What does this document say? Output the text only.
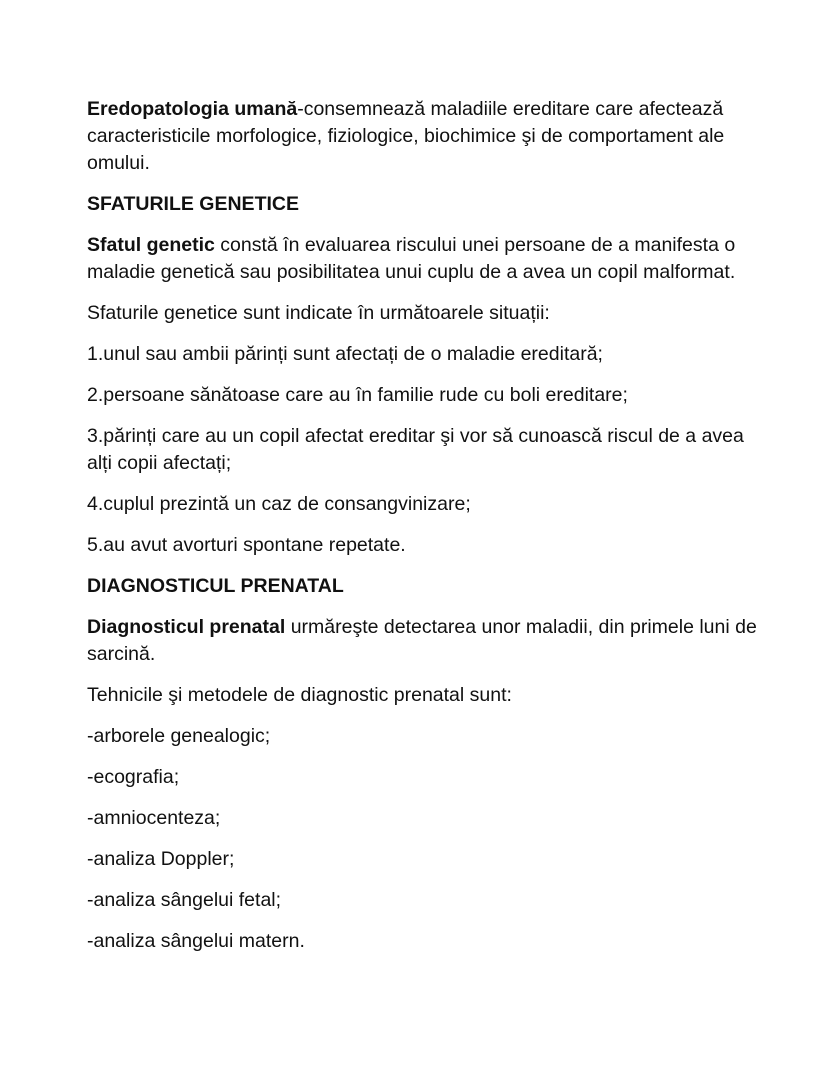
Eredopatologia umană-consemnează maladiile ereditare care afectează caracteristicile morfologice, fiziologice, biochimice şi de comportament ale omului.

SFATURILE GENETICE

Sfatul genetic constă în evaluarea riscului unei persoane de a manifesta o maladie genetică sau posibilitatea unui cuplu de a avea un copil malformat.

Sfaturile genetice sunt indicate în următoarele situații:

1.unul sau ambii părinți sunt afectați de o maladie ereditară;

2.persoane sănătoase care au în familie rude cu boli ereditare;

3.părinți care au un copil afectat ereditar şi vor să cunoască riscul de a avea alți copii afectați;

4.cuplul prezintă un caz de consangvinizare;

5.au avut avorturi spontane repetate.

DIAGNOSTICUL PRENATAL

Diagnosticul prenatal urmăreşte detectarea unor maladii, din primele luni de sarcină.

Tehnicile şi metodele de diagnostic prenatal sunt:

-arborele genealogic;

-ecografia;

-amniocenteza;

-analiza Doppler;

-analiza sângelui fetal;

-analiza sângelui matern.
